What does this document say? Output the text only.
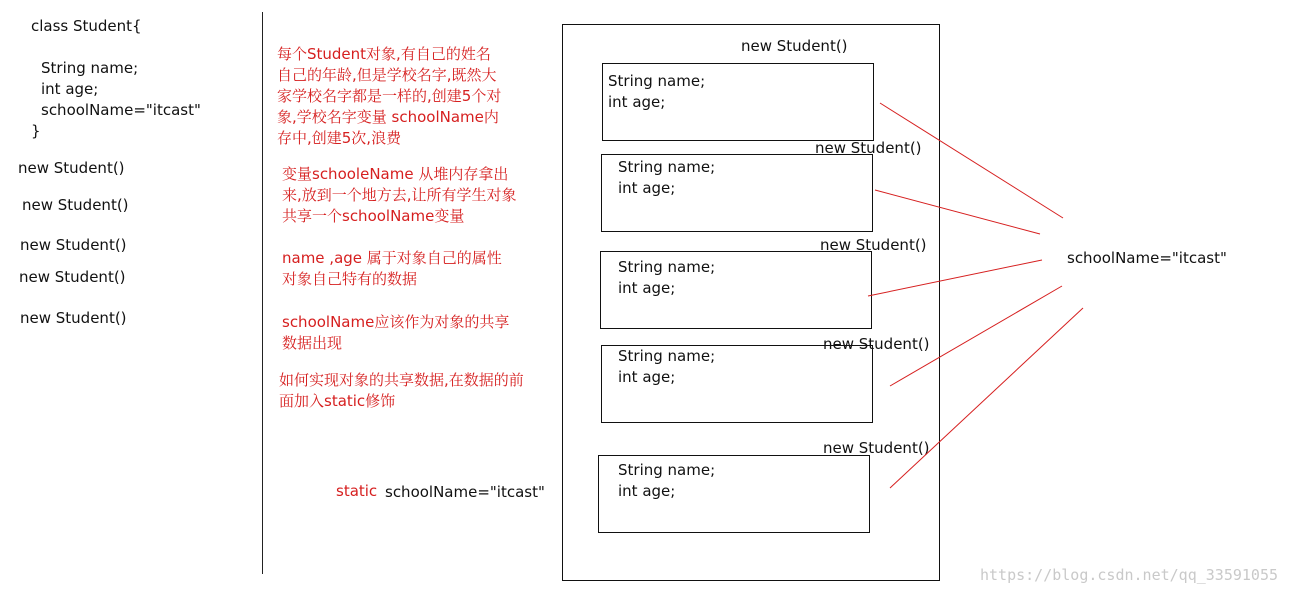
class Student{
String name;
int age;
schoolName="itcast"
}
new Student()
new Student()
new Student()
new Student()
new Student()
每个Student对象,有自己的姓名
自己的年龄,但是学校名字,既然大
家学校名字都是一样的,创建5个对
象,学校名字变量 schoolName内
存中,创建5次,浪费
变量schooleName 从堆内存拿出
来,放到一个地方去,让所有学生对象
共享一个schoolName变量
name ,age 属于对象自己的属性
对象自己特有的数据
schoolName应该作为对象的共享
数据出现
如何实现对象的共享数据,在数据的前
面加入static修饰
static schoolName="itcast"
new Student()
String name;
int age;
String name;
int age;
new Student()
String name;
int age;
new Student()
String name;
int age;
new Student()
String name;
int age;
new Student()
schoolName="itcast"
https://blog.csdn.net/qq_33591055
